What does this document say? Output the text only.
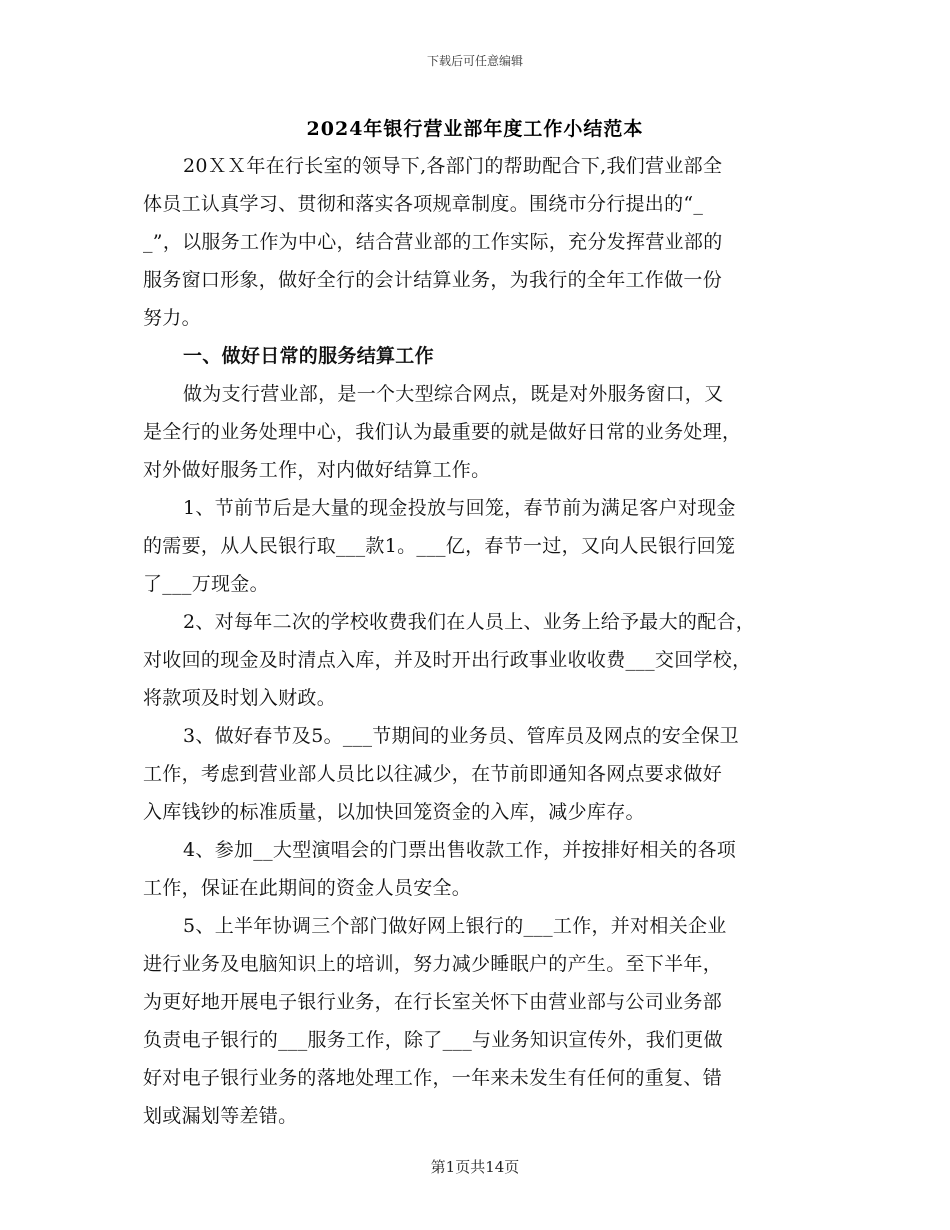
下载后可任意编辑
2024年银行营业部年度工作小结范本
20ＸＸ年在行长室的领导下,各部门的帮助配合下,我们营业部全
体员工认真学习、贯彻和落实各项规章制度。围绕市分行提出的“_
_”，以服务工作为中心，结合营业部的工作实际，充分发挥营业部的
服务窗口形象，做好全行的会计结算业务，为我行的全年工作做一份
努力。
一、做好日常的服务结算工作
做为支行营业部，是一个大型综合网点，既是对外服务窗口，又
是全行的业务处理中心，我们认为最重要的就是做好日常的业务处理，
对外做好服务工作，对内做好结算工作。
1、节前节后是大量的现金投放与回笼，春节前为满足客户对现金
的需要，从人民银行取___款1。___亿，春节一过，又向人民银行回笼
了___万现金。
2、对每年二次的学校收费我们在人员上、业务上给予最大的配合，
对收回的现金及时清点入库，并及时开出行政事业收收费___交回学校，
将款项及时划入财政。
3、做好春节及5。___节期间的业务员、管库员及网点的安全保卫
工作，考虑到营业部人员比以往减少，在节前即通知各网点要求做好
入库钱钞的标准质量，以加快回笼资金的入库，减少库存。
4、参加__大型演唱会的门票出售收款工作，并按排好相关的各项
工作，保证在此期间的资金人员安全。
5、上半年协调三个部门做好网上银行的___工作，并对相关企业
进行业务及电脑知识上的培训，努力减少睡眠户的产生。至下半年，
为更好地开展电子银行业务，在行长室关怀下由营业部与公司业务部
负责电子银行的___服务工作，除了___与业务知识宣传外，我们更做
好对电子银行业务的落地处理工作，一年来未发生有任何的重复、错
划或漏划等差错。
第1页共14页
